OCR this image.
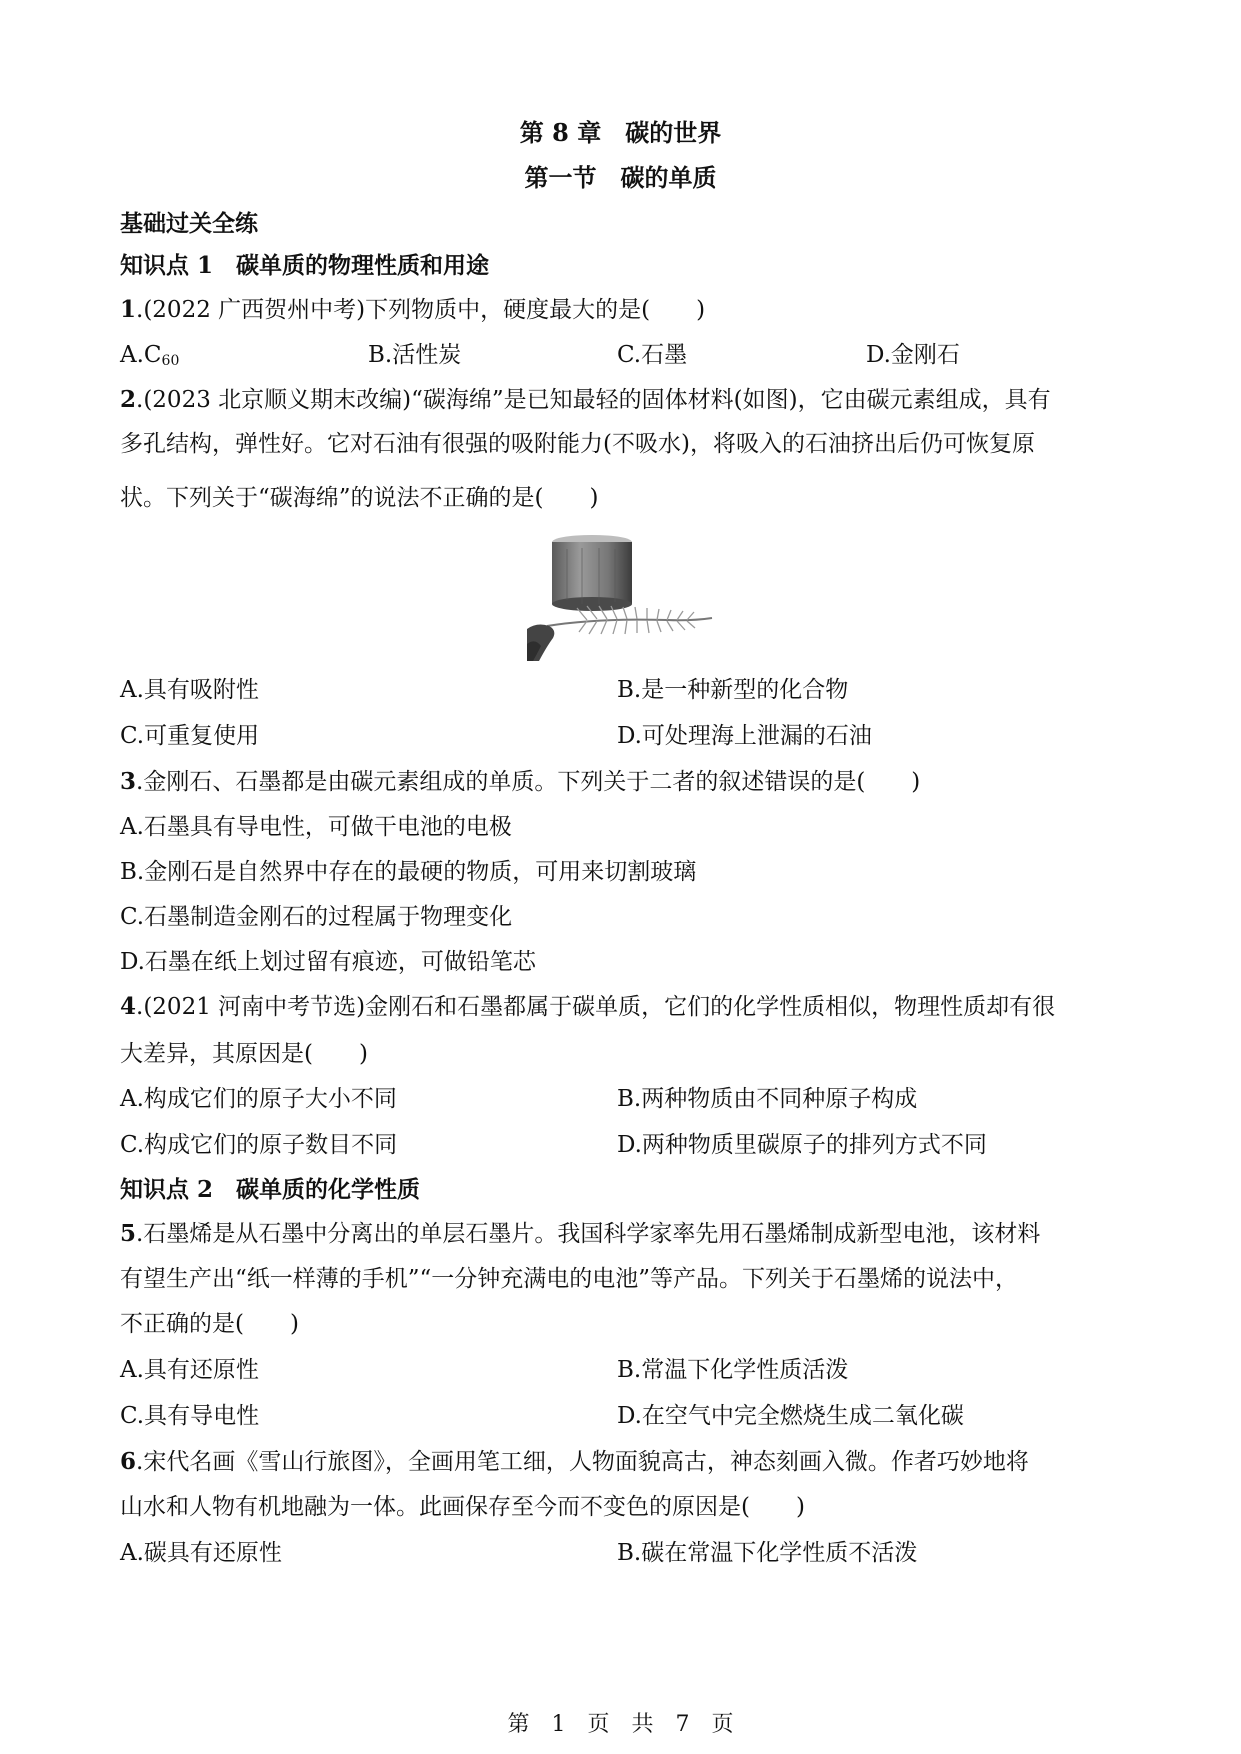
第 8 章　碳的世界
第一节　碳的单质
基础过关全练
知识点 1　碳单质的物理性质和用途
1.(2022 广西贺州中考)下列物质中，硬度最大的是(　　)
$A.C_{60}$	B.活性炭	C.石墨	D.金刚石
2.(2023 北京顺义期末改编)“碳海绵”是已知最轻的固体材料(如图)，它由碳元素组成，具有
多孔结构，弹性好。它对石油有很强的吸附能力(不吸水)，将吸入的石油挤出后仍可恢复原
状。下列关于“碳海绵”的说法不正确的是(　　)
A.具有吸附性	B.是一种新型的化合物
C.可重复使用	D.可处理海上泄漏的石油
3.金刚石、石墨都是由碳元素组成的单质。下列关于二者的叙述错误的是(　　)
A.石墨具有导电性，可做干电池的电极
B.金刚石是自然界中存在的最硬的物质，可用来切割玻璃
C.石墨制造金刚石的过程属于物理变化
D.石墨在纸上划过留有痕迹，可做铅笔芯
4.(2021 河南中考节选)金刚石和石墨都属于碳单质，它们的化学性质相似，物理性质却有很
大差异，其原因是(　　)
A.构成它们的原子大小不同	B.两种物质由不同种原子构成
C.构成它们的原子数目不同	D.两种物质里碳原子的排列方式不同
知识点 2　碳单质的化学性质
5.石墨烯是从石墨中分离出的单层石墨片。我国科学家率先用石墨烯制成新型电池，该材料
有望生产出“纸一样薄的手机”“一分钟充满电的电池”等产品。下列关于石墨烯的说法中，
不正确的是(　　)
A.具有还原性	B.常温下化学性质活泼
C.具有导电性	D.在空气中完全燃烧生成二氧化碳
6.宋代名画《雪山行旅图》，全画用笔工细，人物面貌高古，神态刻画入微。作者巧妙地将
山水和人物有机地融为一体。此画保存至今而不变色的原因是(　　)
A.碳具有还原性	B.碳在常温下化学性质不活泼
第　1　页　共　7　页
